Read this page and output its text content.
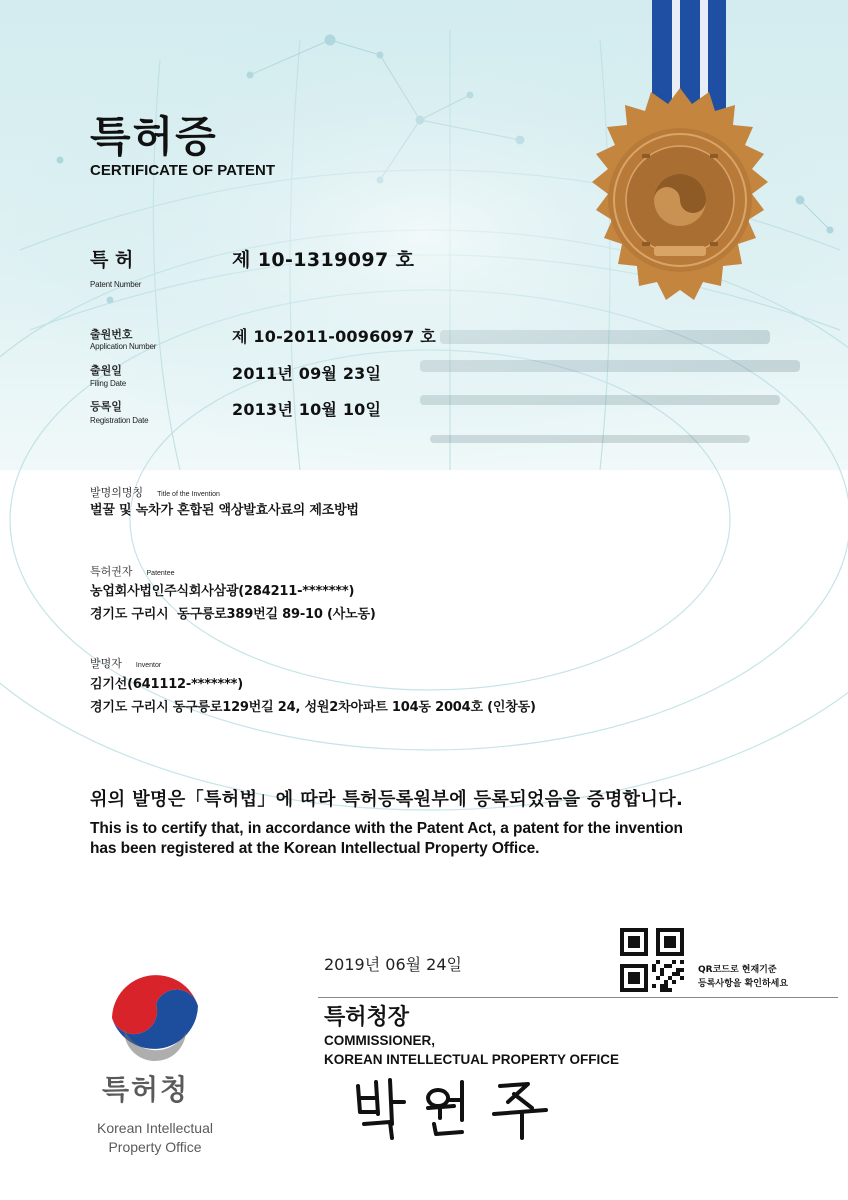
특허증
CERTIFICATE OF PATENT
특 허
Patent Number
제 10-1319097 호
출원번호
Application Number
제 10-2011-0096097 호
출원일
Filing Date
2011년 09월 23일
등록일
Registration Date
2013년 10월 10일
발명의명칭 Title of the Invention
벌꿀 및 녹차가 혼합된 액상발효사료의 제조방법
특허권자 Patentee
농업회사법인주식회사삼광(284211-*******)
경기도 구리시  동구릉로389번길 89-10 (사노동)
발명자 Inventor
김기선(641112-*******)
경기도 구리시 동구릉로129번길 24, 성원2차아파트 104동 2004호 (인창동)
위의 발명은「특허법」에 따라 특허등록원부에 등록되었음을 증명합니다.
This is to certify that, in accordance with the Patent Act, a patent for the invention
has been registered at the Korean Intellectual Property Office.
2019년 06월 24일	QR코드로 현재기준
등록사항을 확인하세요
특허청장
COMMISSIONER,
KOREAN INTELLECTUAL PROPERTY OFFICE
특허청
Korean Intellectual
Property Office
